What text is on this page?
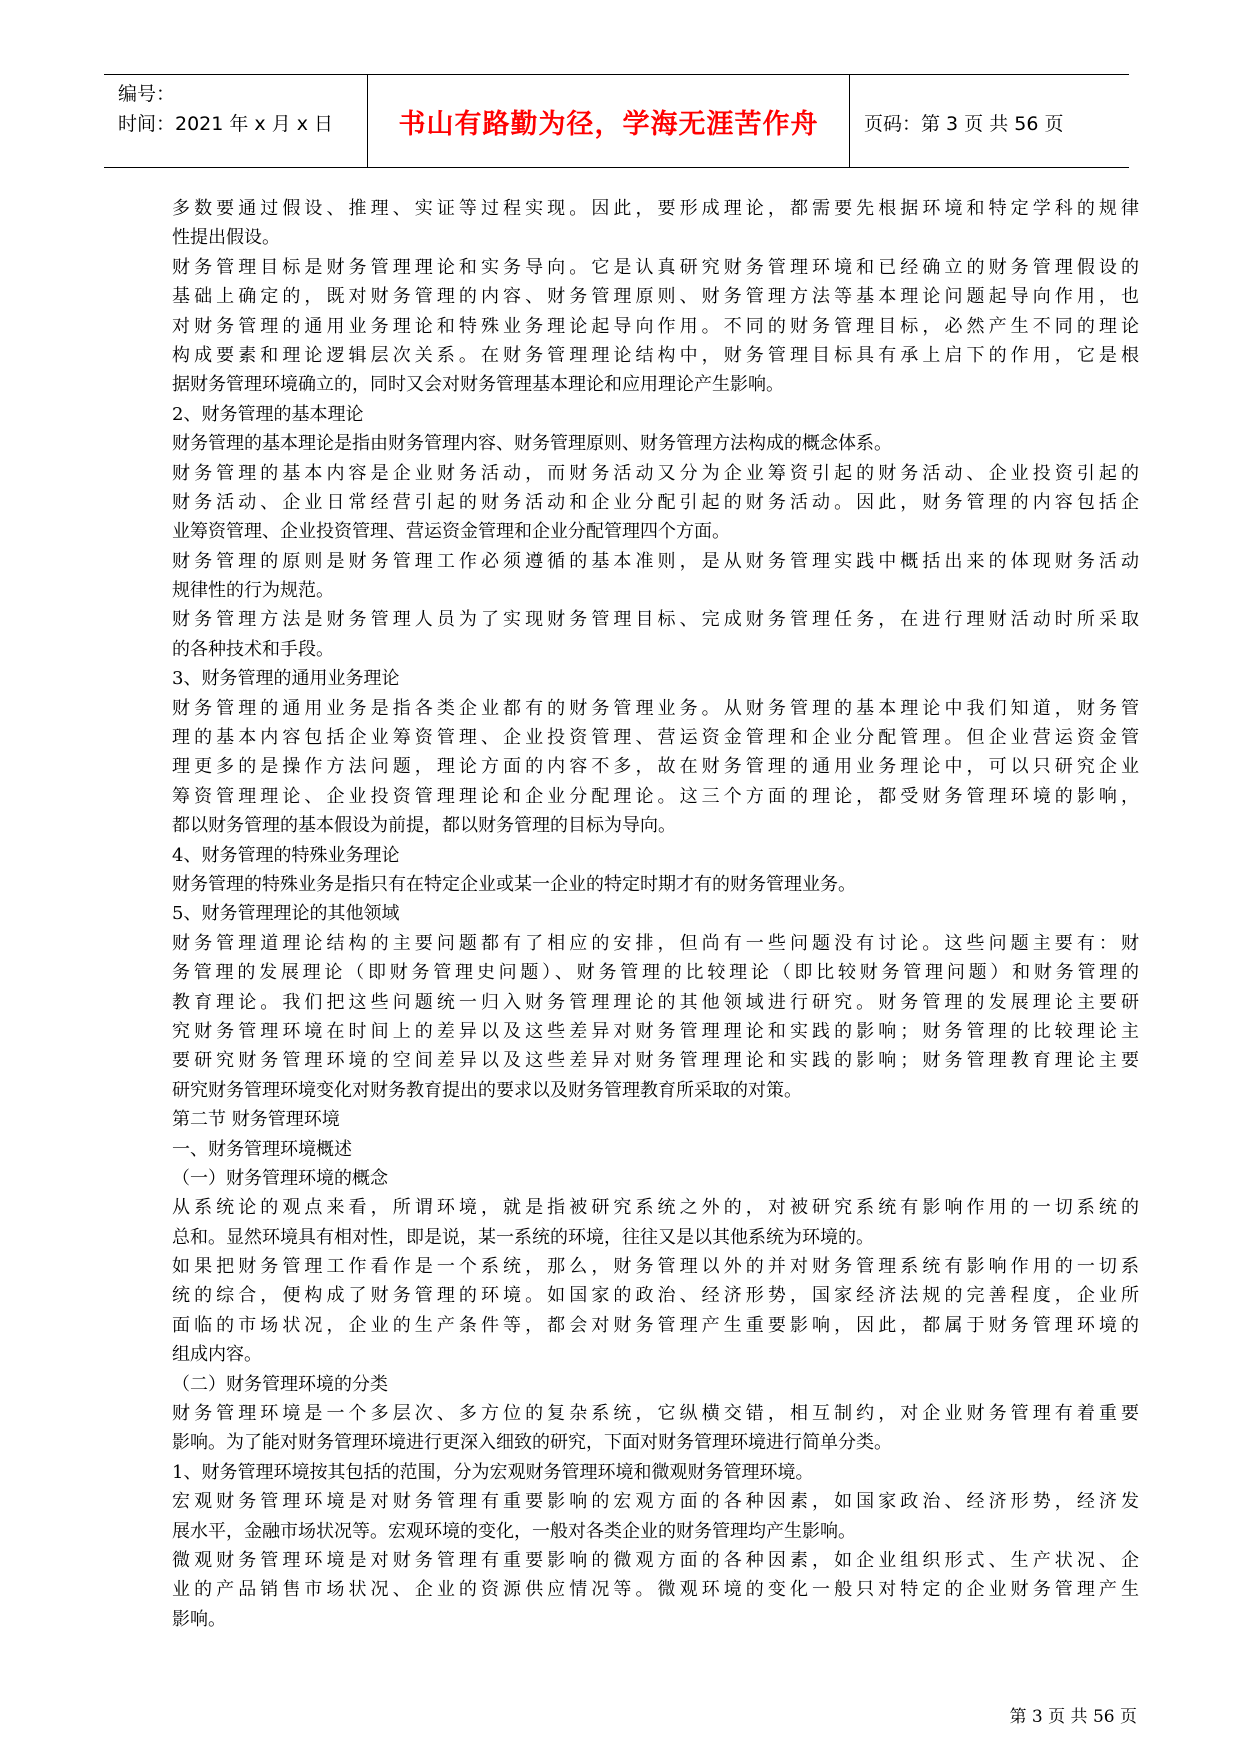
编号：
时间：2021 年 x 月 x 日	书山有路勤为径，学海无涯苦作舟	页码：第 3 页 共 56 页
多数要通过假设、推理、实证等过程实现。因此，要形成理论，都需要先根据环境和特定学科的规律
性提出假设。
财务管理目标是财务管理理论和实务导向。它是认真研究财务管理环境和已经确立的财务管理假设的
基础上确定的，既对财务管理的内容、财务管理原则、财务管理方法等基本理论问题起导向作用，也
对财务管理的通用业务理论和特殊业务理论起导向作用。不同的财务管理目标，必然产生不同的理论
构成要素和理论逻辑层次关系。在财务管理理论结构中，财务管理目标具有承上启下的作用，它是根
据财务管理环境确立的，同时又会对财务管理基本理论和应用理论产生影响。
2、财务管理的基本理论
财务管理的基本理论是指由财务管理内容、财务管理原则、财务管理方法构成的概念体系。
财务管理的基本内容是企业财务活动，而财务活动又分为企业筹资引起的财务活动、企业投资引起的
财务活动、企业日常经营引起的财务活动和企业分配引起的财务活动。因此，财务管理的内容包括企
业筹资管理、企业投资管理、营运资金管理和企业分配管理四个方面。
财务管理的原则是财务管理工作必须遵循的基本准则，是从财务管理实践中概括出来的体现财务活动
规律性的行为规范。
财务管理方法是财务管理人员为了实现财务管理目标、完成财务管理任务，在进行理财活动时所采取
的各种技术和手段。
3、财务管理的通用业务理论
财务管理的通用业务是指各类企业都有的财务管理业务。从财务管理的基本理论中我们知道，财务管
理的基本内容包括企业筹资管理、企业投资管理、营运资金管理和企业分配管理。但企业营运资金管
理更多的是操作方法问题，理论方面的内容不多，故在财务管理的通用业务理论中，可以只研究企业
筹资管理理论、企业投资管理理论和企业分配理论。这三个方面的理论，都受财务管理环境的影响，
都以财务管理的基本假设为前提，都以财务管理的目标为导向。
4、财务管理的特殊业务理论
财务管理的特殊业务是指只有在特定企业或某一企业的特定时期才有的财务管理业务。
5、财务管理理论的其他领域
财务管理道理论结构的主要问题都有了相应的安排，但尚有一些问题没有讨论。这些问题主要有：财
务管理的发展理论（即财务管理史问题）、财务管理的比较理论（即比较财务管理问题）和财务管理的
教育理论。我们把这些问题统一归入财务管理理论的其他领域进行研究。财务管理的发展理论主要研
究财务管理环境在时间上的差异以及这些差异对财务管理理论和实践的影响；财务管理的比较理论主
要研究财务管理环境的空间差异以及这些差异对财务管理理论和实践的影响；财务管理教育理论主要
研究财务管理环境变化对财务教育提出的要求以及财务管理教育所采取的对策。
第二节 财务管理环境
一、财务管理环境概述
（一）财务管理环境的概念
从系统论的观点来看，所谓环境，就是指被研究系统之外的，对被研究系统有影响作用的一切系统的
总和。显然环境具有相对性，即是说，某一系统的环境，往往又是以其他系统为环境的。
如果把财务管理工作看作是一个系统，那么，财务管理以外的并对财务管理系统有影响作用的一切系
统的综合，便构成了财务管理的环境。如国家的政治、经济形势，国家经济法规的完善程度，企业所
面临的市场状况，企业的生产条件等，都会对财务管理产生重要影响，因此，都属于财务管理环境的
组成内容。
（二）财务管理环境的分类
财务管理环境是一个多层次、多方位的复杂系统，它纵横交错，相互制约，对企业财务管理有着重要
影响。为了能对财务管理环境进行更深入细致的研究，下面对财务管理环境进行简单分类。
1、财务管理环境按其包括的范围，分为宏观财务管理环境和微观财务管理环境。
宏观财务管理环境是对财务管理有重要影响的宏观方面的各种因素，如国家政治、经济形势，经济发
展水平，金融市场状况等。宏观环境的变化，一般对各类企业的财务管理均产生影响。
微观财务管理环境是对财务管理有重要影响的微观方面的各种因素，如企业组织形式、生产状况、企
业的产品销售市场状况、企业的资源供应情况等。微观环境的变化一般只对特定的企业财务管理产生
影响。
第 3 页 共 56 页
